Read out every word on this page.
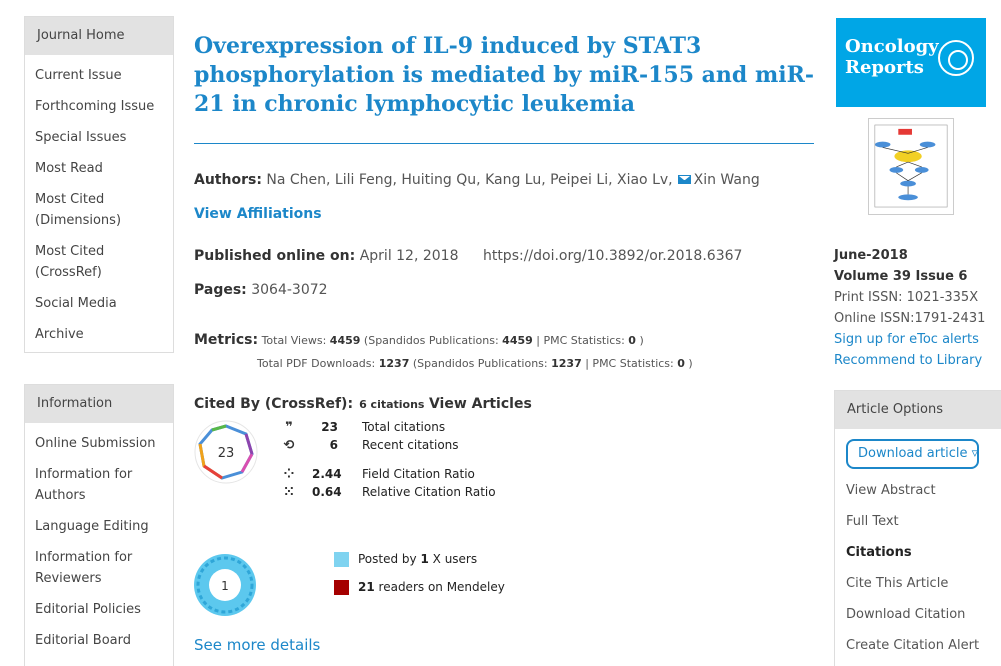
Journal Home
Current Issue
Forthcoming Issue
Special Issues
Most Read
Most Cited (Dimensions)
Most Cited (CrossRef)
Social Media
Archive
Information
Online Submission
Information for Authors
Language Editing
Information for Reviewers
Editorial Policies
Editorial Board
Overexpression of IL-9 induced by STAT3 phosphorylation is mediated by miR-155 and miR-21 in chronic lymphocytic leukemia
Authors: Na Chen, Lili Feng, Huiting Qu, Kang Lu, Peipei Li, Xiao Lv, Xin Wang
View Affiliations
Published online on: April 12, 2018 https://doi.org/10.3892/or.2018.6367
Pages: 3064-3072
Metrics: Total Views: 4459 (Spandidos Publications: 4459 | PMC Statistics: 0 )
Total PDF Downloads: 1237 (Spandidos Publications: 1237 | PMC Statistics: 0 )
Cited By (CrossRef): 6 citations View Articles
23
❞	23 Total citations
⟲	6 Recent citations
⁘ 2.44 Field Citation Ratio
⁙ 0.64 Relative Citation Ratio
1
Posted by 1 X users
21 readers on Mendeley
See more details
Oncology
Reports
June-2018
Volume 39 Issue 6
Print ISSN: 1021-335X
Online ISSN:1791-2431
Sign up for eToc alerts
Recommend to Library
Article Options
Download article ▿
View Abstract
Full Text
Citations
Cite This Article
Download Citation
Create Citation Alert
